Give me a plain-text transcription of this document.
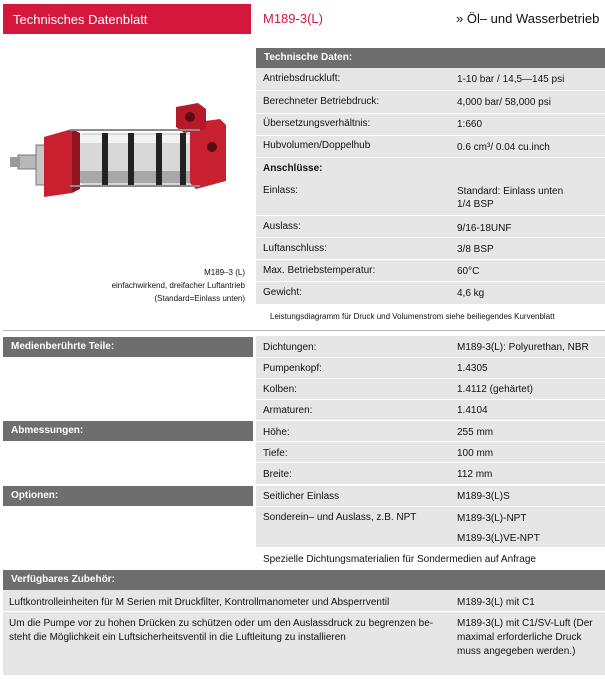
Technisches Datenblatt	M189-3(L)	» Öl– und Wasserbetrieb
M189–3 (L)
einfachwirkend, dreifacher Luftantrieb
(Standard=Einlass unten)
Technische Daten:
Antriebsdruckluft:	1-10 bar / 14,5—145 psi
Berechneter Betriebdruck:	4,000 bar/ 58,000 psi
Übersetzungsverhältnis:	1:660
Hubvolumen/Doppelhub	0.6 cm³/ 0.04 cu.inch
Anschlüsse:
Einlass:	Standard: Einlass unten
1/4 BSP
Auslass:	9/16-18UNF
Luftanschluss:	3/8 BSP
Max. Betriebstemperatur:	60°C
Gewicht:	4,6 kg
Leistungsdiagramm für Druck und Volumenstrom siehe beiliegendes Kurvenblatt
Medienberührte Teile:	Dichtungen:	M189-3(L): Polyurethan, NBR
Pumpenkopf:	1.4305
Kolben:	1.4112 (gehärtet)
Armaturen:	1.4104
Abmessungen:	Höhe:	255 mm
Tiefe:	100 mm
Breite:	112 mm
Optionen:	Seitlicher Einlass	M189-3(L)S
Sonderein– und Auslass, z.B. NPT	M189-3(L)-NPT
M189-3(L)VE-NPT
Spezielle Dichtungsmaterialien für Sondermedien auf Anfrage
Verfügbares Zubehör:
Luftkontrolleinheiten für M Serien mit Druckfilter, Kontrollmanometer und Absperrventil	M189-3(L) mit C1
Um die Pumpe vor zu hohen Drücken zu schützen oder um den Auslassdruck zu begrenzen be-
steht die Möglichkeit ein Luftsicherheitsventil in die Luftleitung zu installieren
M189-3(L) mit C1/SV-Luft (Der
maximal erforderliche Druck
muss angegeben werden.)
